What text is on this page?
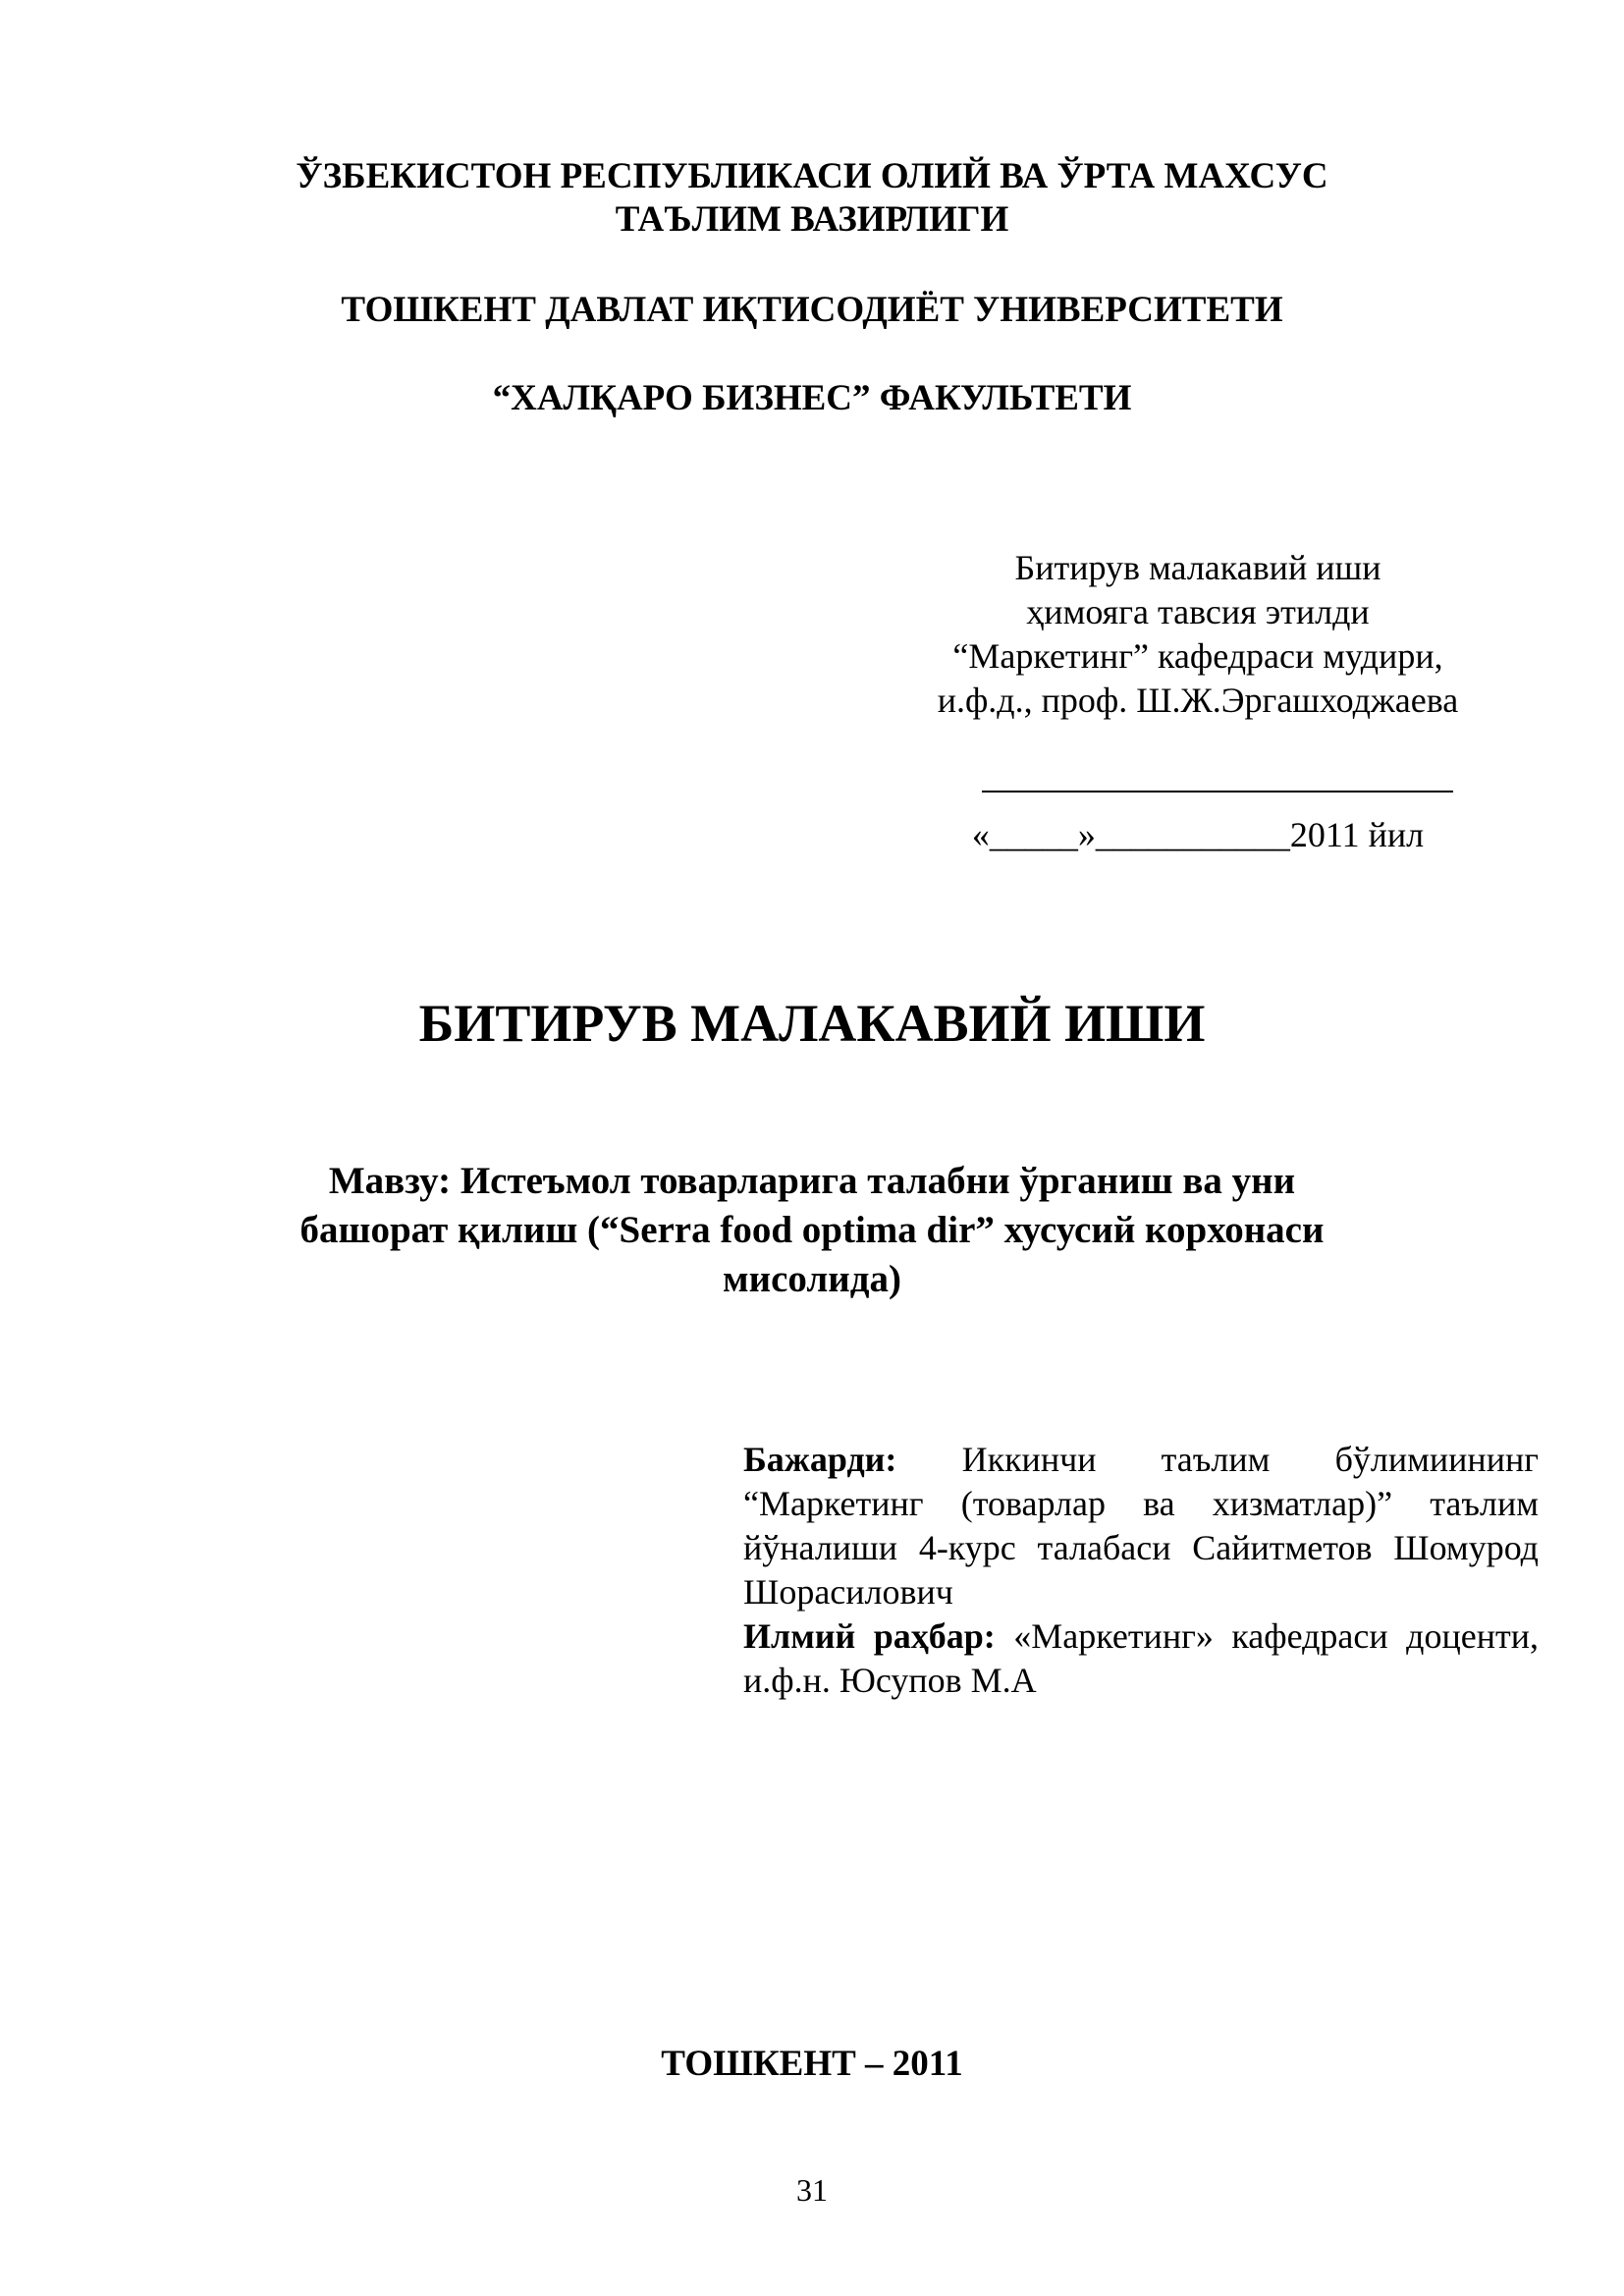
ЎЗБЕКИСТОН РЕСПУБЛИКАСИ ОЛИЙ ВА ЎРТА МАХСУС
ТАЪЛИМ ВАЗИРЛИГИ
ТОШКЕНТ ДАВЛАТ ИҚТИСОДИЁТ УНИВЕРСИТЕТИ
“ХАЛҚАРО БИЗНЕС” ФАКУЛЬТЕТИ
Битирув малакавий иши
ҳимояга тавсия этилди
“Маркетинг” кафедраси мудири,
и.ф.д., проф. Ш.Ж.Эргашходжаева
«_____»___________2011 йил
БИТИРУВ МАЛАКАВИЙ ИШИ
Мавзу: Истеъмол товарларига талабни ўрганиш ва уни
башорат қилиш (“Serra food optima dir” хусусий корхонаси
мисолида)

Бажарди: Иккинчи таълим бўлимиининг “Маркетинг (товарлар ва хизматлар)” таълим йўналиши 4-курс талабаси Сайитметов Шомурод Шорасилович

Илмий раҳбар: «Маркетинг» кафедраси доценти, и.ф.н. Юсупов М.А

ТОШКЕНТ – 2011
31
